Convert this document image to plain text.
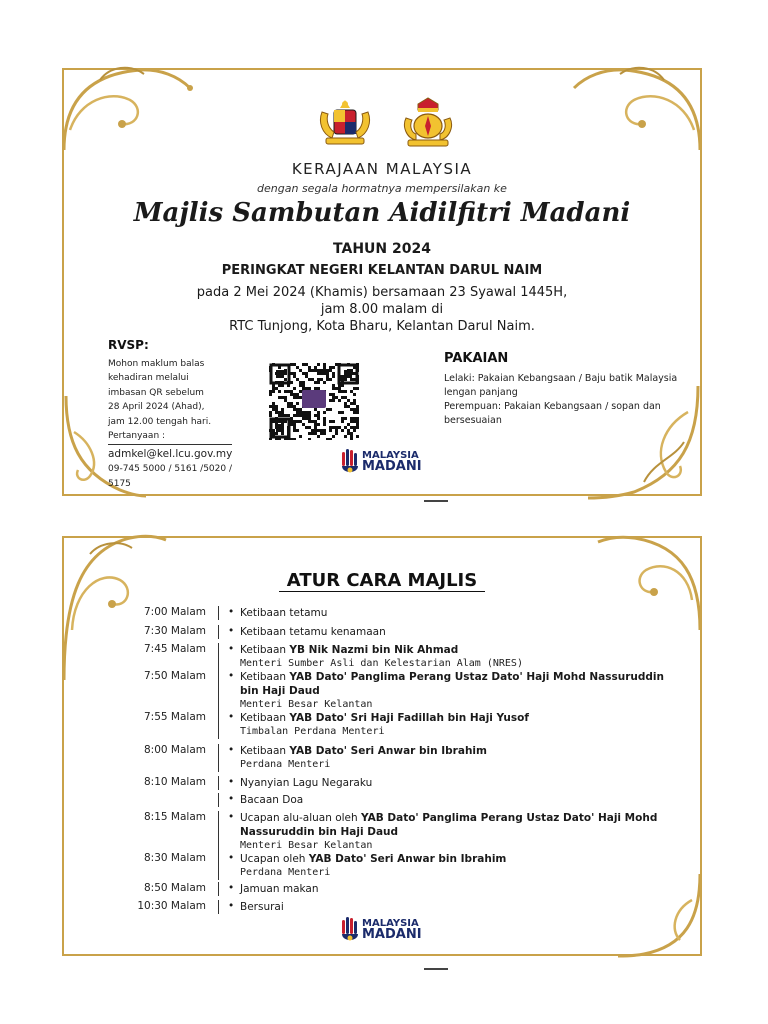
KERAJAAN MALAYSIA
dengan segala hormatnya mempersilakan ke
Majlis Sambutan Aidilfitri Madani
TAHUN 2024
PERINGKAT NEGERI KELANTAN DARUL NAIM
pada 2 Mei 2024 (Khamis) bersamaan 23 Syawal 1445H,
jam 8.00 malam di
RTC Tunjong, Kota Bharu, Kelantan Darul Naim.
RVSP:
Mohon maklum balas
kehadiran melalui
imbasan QR sebelum
28 April 2024 (Ahad),
jam 12.00 tengah hari.
Pertanyaan :
admkel@kel.lcu.gov.my
09-745 5000 / 5161 /5020 /
5175
PAKAIAN
Lelaki: Pakaian Kebangsaan / Baju batik Malaysia lengan panjang
Perempuan: Pakaian Kebangsaan / sopan dan bersesuaian
MALAYSIA
MADANI
ATUR CARA MAJLIS
7:00 Malam • Ketibaan tetamu
7:30 Malam • Ketibaan tetamu kenamaan
7:45 Malam • Ketibaan YB Nik Nazmi bin Nik Ahmad
Menteri Sumber Asli dan Kelestarian Alam (NRES)
7:50 Malam • Ketibaan YAB Dato' Panglima Perang Ustaz Dato' Haji Mohd Nassuruddin bin Haji Daud
Menteri Besar Kelantan
7:55 Malam • Ketibaan YAB Dato' Sri Haji Fadillah bin Haji Yusof
Timbalan Perdana Menteri
8:00 Malam • Ketibaan YAB Dato' Seri Anwar bin Ibrahim
Perdana Menteri
8:10 Malam • Nyanyian Lagu Negaraku
• Bacaan Doa
8:15 Malam • Ucapan alu-aluan oleh YAB Dato' Panglima Perang Ustaz Dato' Haji Mohd Nassuruddin bin Haji Daud
Menteri Besar Kelantan
8:30 Malam • Ucapan oleh YAB Dato' Seri Anwar bin Ibrahim
Perdana Menteri
8:50 Malam • Jamuan makan
10:30 Malam • Bersurai
MALAYSIA
MADANI
